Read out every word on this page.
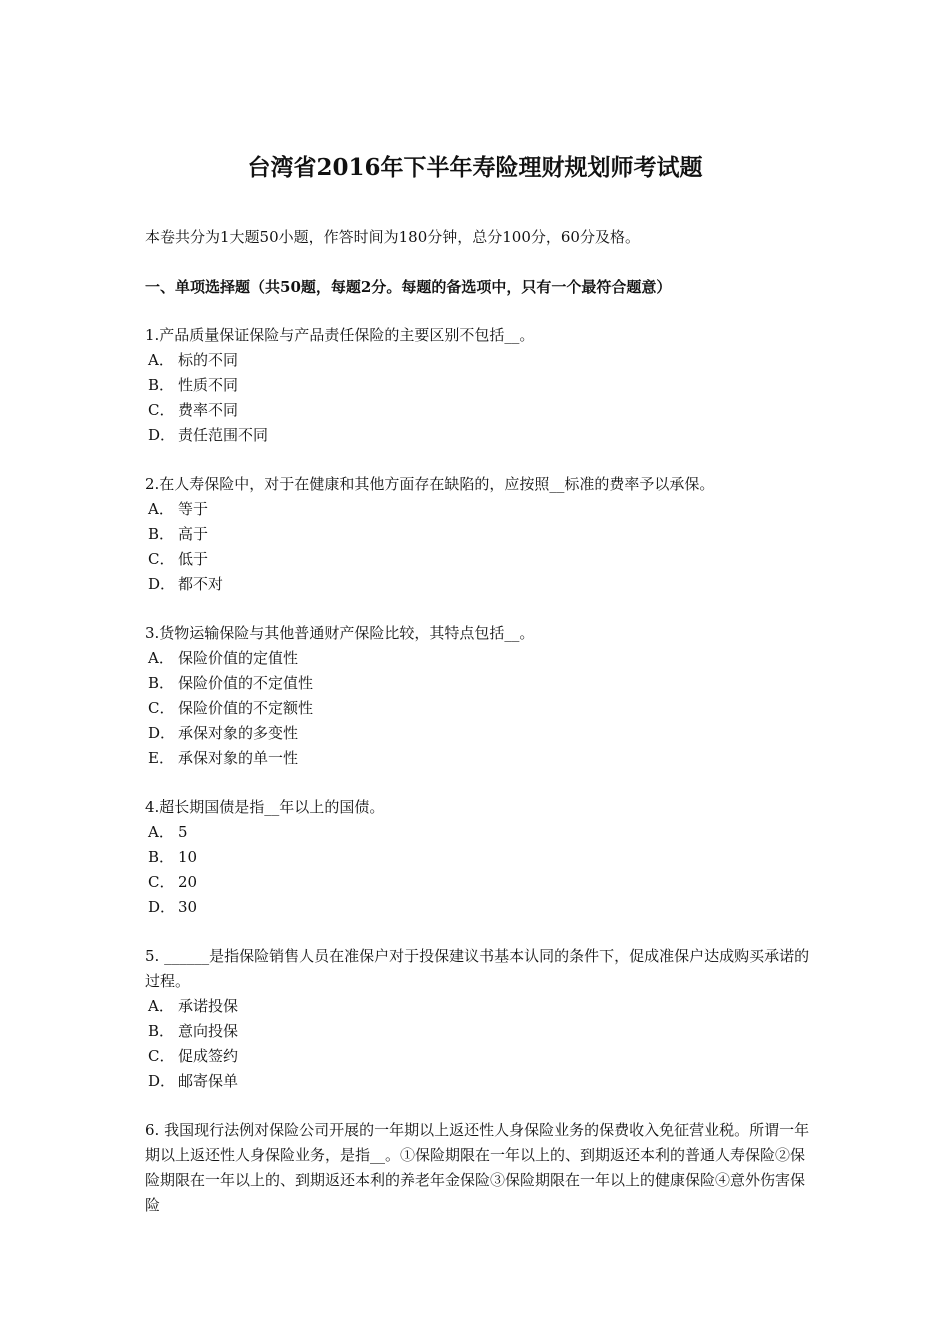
台湾省2016年下半年寿险理财规划师考试题
本卷共分为1大题50小题，作答时间为180分钟，总分100分，60分及格。
一、单项选择题（共50题，每题2分。每题的备选项中，只有一个最符合题意）
1.产品质量保证保险与产品责任保险的主要区别不包括__。
A． 标的不同
B． 性质不同
C． 费率不同
D． 责任范围不同
2.在人寿保险中，对于在健康和其他方面存在缺陷的，应按照__标准的费率予以承保。
A． 等于
B． 高于
C． 低于
D． 都不对
3.货物运输保险与其他普通财产保险比较，其特点包括__。
A． 保险价值的定值性
B． 保险价值的不定值性
C． 保险价值的不定额性
D． 承保对象的多变性
E． 承保对象的单一性
4.超长期国债是指__年以上的国债。
A． 5
B． 10
C． 20
D． 30
5. ______是指保险销售人员在准保户对于投保建议书基本认同的条件下，促成准保户达成购买承诺的过程。
A． 承诺投保
B． 意向投保
C． 促成签约
D． 邮寄保单
6. 我国现行法例对保险公司开展的一年期以上返还性人身保险业务的保费收入免征营业税。所谓一年期以上返还性人身保险业务，是指__。①保险期限在一年以上的、到期返还本利的普通人寿保险②保险期限在一年以上的、到期返还本利的养老年金保险③保险期限在一年以上的健康保险④意外伤害保险
